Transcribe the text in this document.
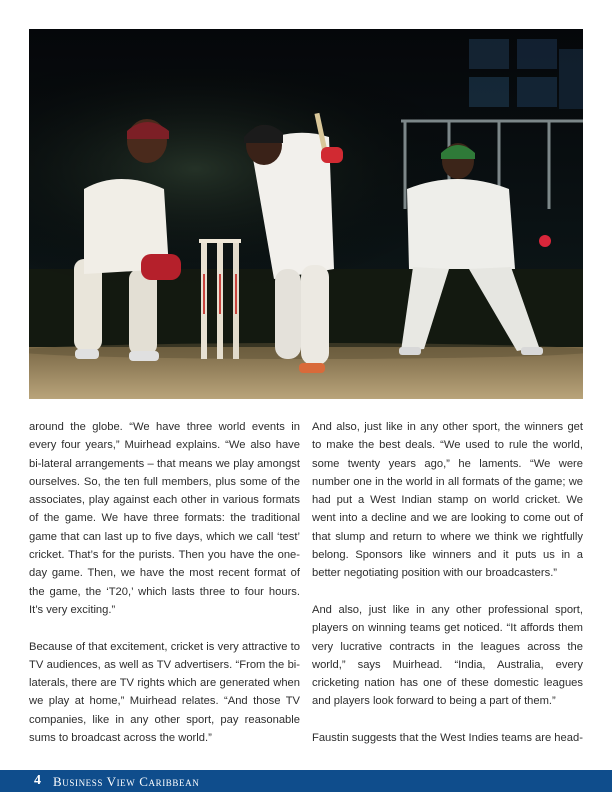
around the globe. “We have three world events in every four years,” Muirhead explains. “We also have bi-lateral arrangements – that means we play amongst ourselves. So, the ten full members, plus some of the associates, play against each other in various formats of the game. We have three formats: the traditional game that can last up to five days, which we call ‘test’ cricket. That’s for the purists. Then you have the one-day game. Then, we have the most recent format of the game, the ‘T20,’ which lasts three to four hours. It’s very exciting.”

Because of that excitement, cricket is very attractive to TV audiences, as well as TV advertisers. “From the bi-laterals, there are TV rights which are generated when we play at home,” Muirhead relates. “And those TV companies, like in any other sport, pay reasonable sums to broadcast across the world.”

And also, just like in any other sport, the winners get to make the best deals. “We used to rule the world, some twenty years ago,” he laments. “We were number one in the world in all formats of the game; we had put a West Indian stamp on world cricket. We went into a decline and we are looking to come out of that slump and return to where we think we rightfully belong. Sponsors like winners and it puts us in a better negotiating position with our broadcasters.”

And also, just like in any other professional sport, players on winning teams get noticed. “It affords them very lucrative contracts in the leagues across the world,” says Muirhead. “India, Australia, every cricketing nation has one of these domestic leagues and players look forward to being a part of them.”

Faustin suggests that the West Indies teams are head-

4 Business View Caribbean
